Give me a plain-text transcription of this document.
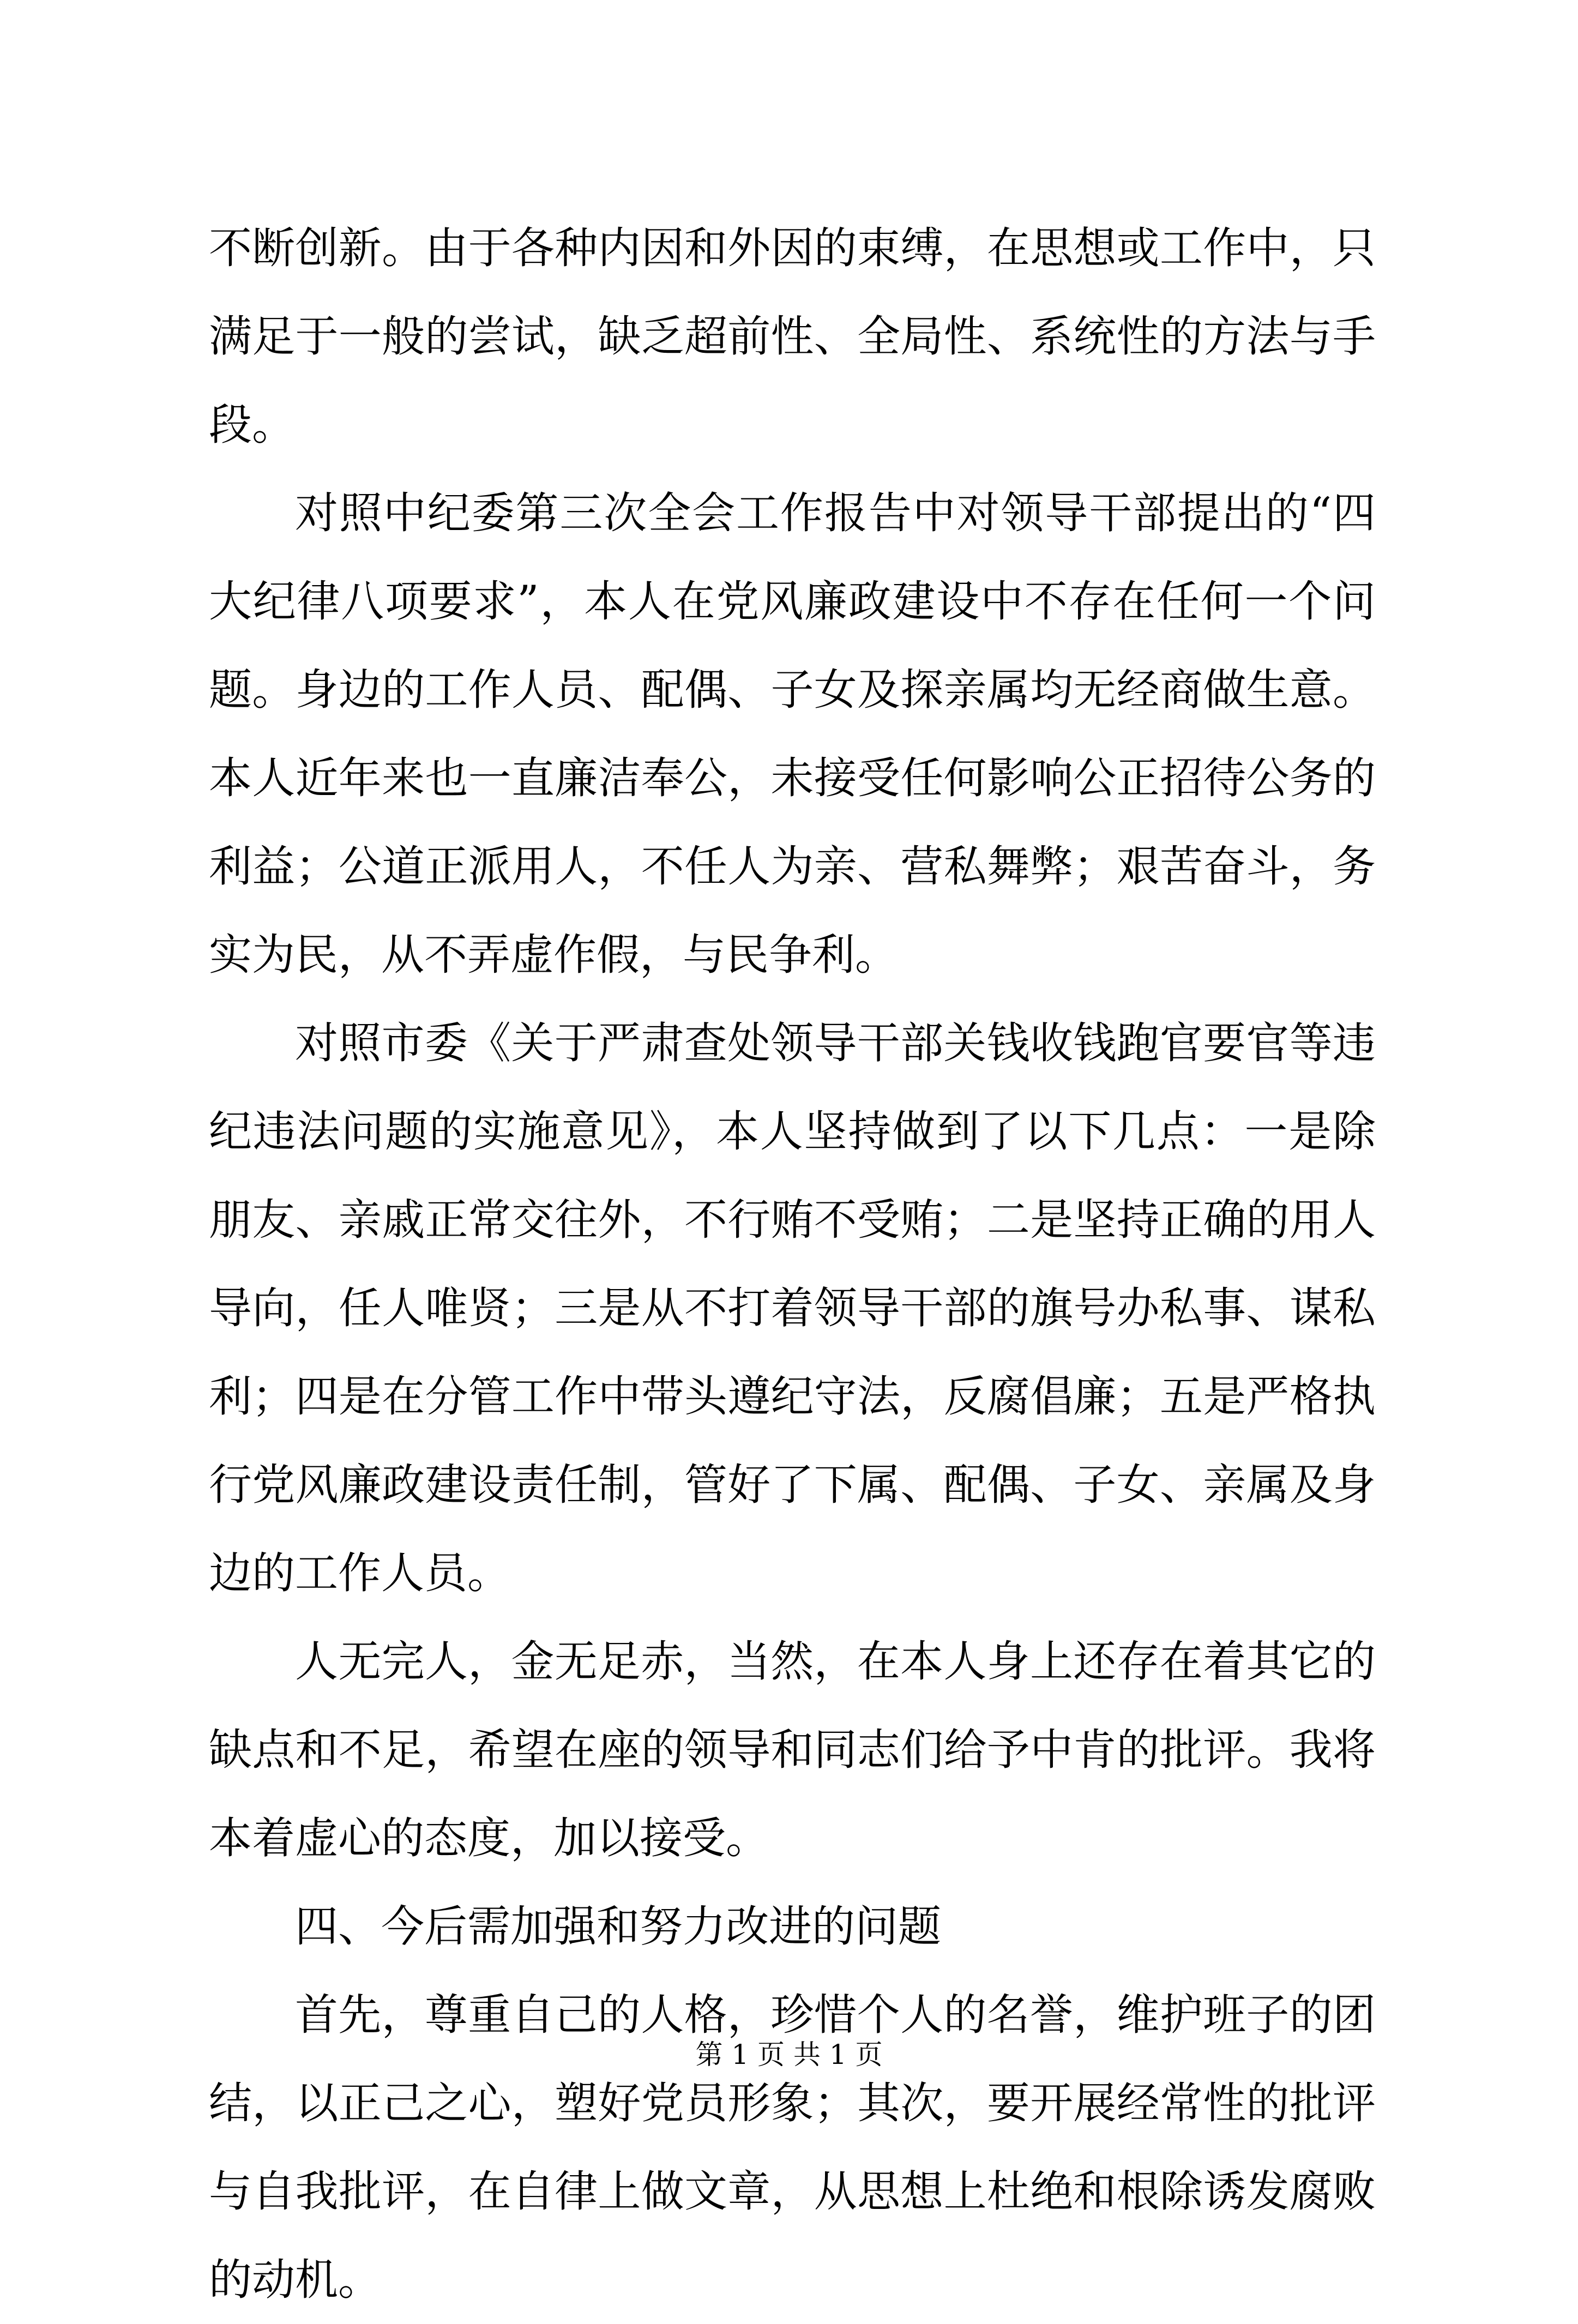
不断创新。由于各种内因和外因的束缚，在思想或工作中，只满足于一般的尝试，缺乏超前性、全局性、系统性的方法与手段。

对照中纪委第三次全会工作报告中对领导干部提出的“四大纪律八项要求”，本人在党风廉政建设中不存在任何一个问题。身边的工作人员、配偶、子女及探亲属均无经商做生意。本人近年来也一直廉洁奉公，未接受任何影响公正招待公务的利益；公道正派用人，不任人为亲、营私舞弊；艰苦奋斗，务实为民，从不弄虚作假，与民争利。

对照市委《关于严肃查处领导干部关钱收钱跑官要官等违纪违法问题的实施意见》，本人坚持做到了以下几点：一是除朋友、亲戚正常交往外，不行贿不受贿；二是坚持正确的用人导向，任人唯贤；三是从不打着领导干部的旗号办私事、谋私利；四是在分管工作中带头遵纪守法，反腐倡廉；五是严格执行党风廉政建设责任制，管好了下属、配偶、子女、亲属及身边的工作人员。

人无完人，金无足赤，当然，在本人身上还存在着其它的缺点和不足，希望在座的领导和同志们给予中肯的批评。我将本着虚心的态度，加以接受。

四、今后需加强和努力改进的问题

首先，尊重自己的人格，珍惜个人的名誉，维护班子的团结，以正己之心，塑好党员形象；其次，要开展经常性的批评与自我批评，在自律上做文章，从思想上杜绝和根除诱发腐败的动机。

第 1 页 共 1 页
